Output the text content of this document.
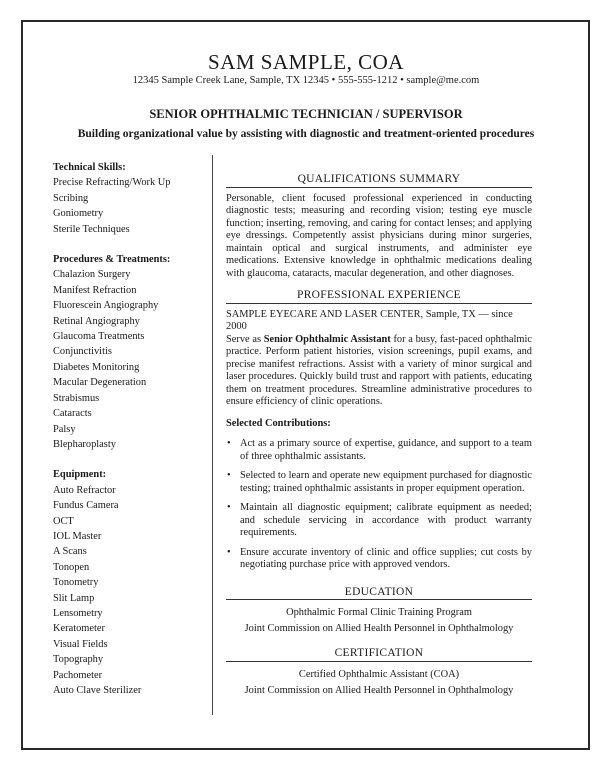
SAM SAMPLE, COA
12345 Sample Creek Lane, Sample, TX 12345 • 555-555-1212 • sample@me.com
SENIOR OPHTHALMIC TECHNICIAN / SUPERVISOR
Building organizational value by assisting with diagnostic and treatment-oriented procedures
Technical Skills:
Precise Refracting/Work Up
Scribing
Goniometry
Sterile Techniques
Procedures & Treatments:
Chalazion Surgery
Manifest Refraction
Fluorescein Angiography
Retinal Angiography
Glaucoma Treatments
Conjunctivitis
Diabetes Monitoring
Macular Degeneration
Strabismus
Cataracts
Palsy
Blepharoplasty
Equipment:
Auto Refractor
Fundus Camera
OCT
IOL Master
A Scans
Tonopen
Tonometry
Slit Lamp
Lensometry
Keratometer
Visual Fields
Topography
Pachometer
Auto Clave Sterilizer
QUALIFICATIONS SUMMARY
Personable, client focused professional experienced in conducting diagnostic tests; measuring and recording vision; testing eye muscle function; inserting, removing, and caring for contact lenses; and applying eye dressings. Competently assist physicians during minor surgeries, maintain optical and surgical instruments, and administer eye medications. Extensive knowledge in ophthalmic medications dealing with glaucoma, cataracts, macular degeneration, and other diagnoses.
PROFESSIONAL EXPERIENCE
SAMPLE EYECARE AND LASER CENTER, Sample, TX — since 2000
Serve as Senior Ophthalmic Assistant for a busy, fast-paced ophthalmic practice. Perform patient histories, vision screenings, pupil exams, and precise manifest refractions. Assist with a variety of minor surgical and laser procedures. Quickly build trust and rapport with patients, educating them on treatment procedures. Streamline administrative procedures to ensure efficiency of clinic operations.
Selected Contributions:
• Act as a primary source of expertise, guidance, and support to a team of three ophthalmic assistants.
• Selected to learn and operate new equipment purchased for diagnostic testing; trained ophthalmic assistants in proper equipment operation.
• Maintain all diagnostic equipment; calibrate equipment as needed; and schedule servicing in accordance with product warranty requirements.
• Ensure accurate inventory of clinic and office supplies; cut costs by negotiating purchase price with approved vendors.
EDUCATION
Ophthalmic Formal Clinic Training Program
Joint Commission on Allied Health Personnel in Ophthalmology
CERTIFICATION
Certified Ophthalmic Assistant (COA)
Joint Commission on Allied Health Personnel in Ophthalmology
